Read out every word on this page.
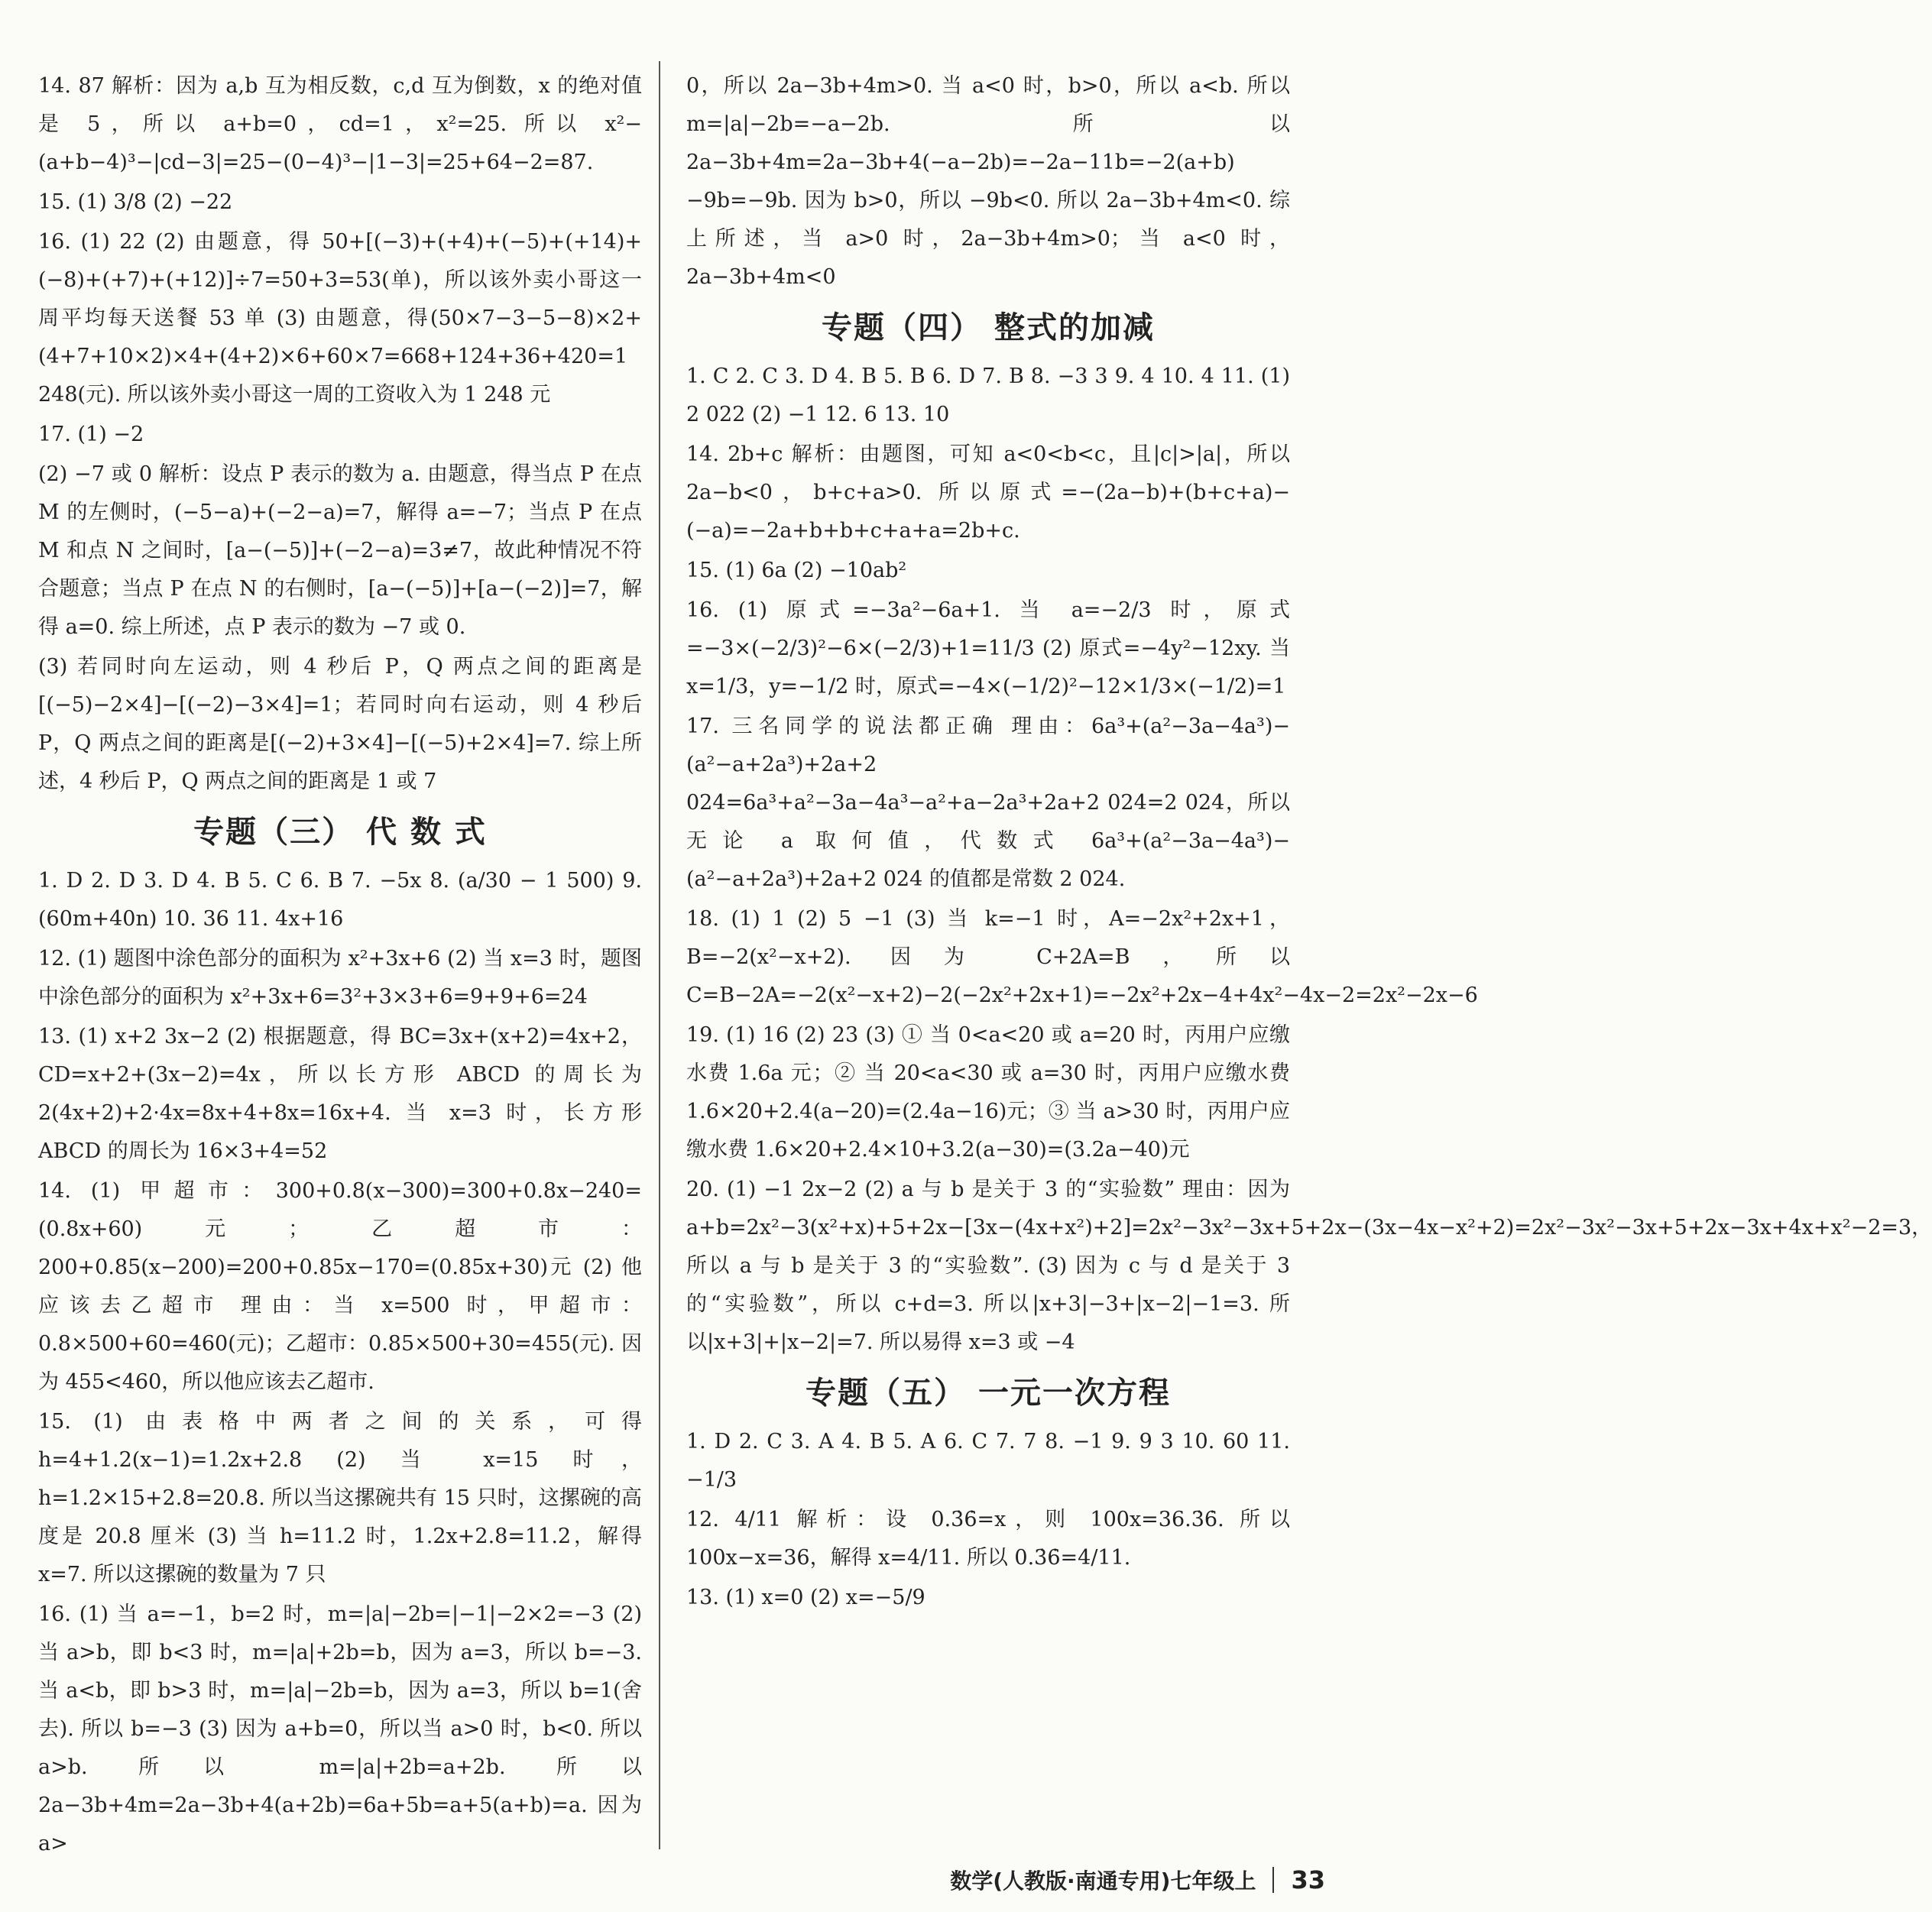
14. 87 解析：因为 a,b 互为相反数，c,d 互为倒数，x 的绝对值是 5，所以 a+b=0，cd=1，x²=25. 所以 x²−(a+b−4)³−|cd−3|=25−(0−4)³−|1−3|=25+64−2=87.
15. (1) 3/8 (2) −22
16. (1) 22 (2) 由题意，得 50+[(−3)+(+4)+(−5)+(+14)+(−8)+(+7)+(+12)]÷7=50+3=53(单)，所以该外卖小哥这一周平均每天送餐 53 单 (3) 由题意，得(50×7−3−5−8)×2+(4+7+10×2)×4+(4+2)×6+60×7=668+124+36+420=1 248(元). 所以该外卖小哥这一周的工资收入为 1 248 元
17. (1) −2
(2) −7 或 0 解析：设点 P 表示的数为 a. 由题意，得当点 P 在点 M 的左侧时，(−5−a)+(−2−a)=7，解得 a=−7；当点 P 在点 M 和点 N 之间时，[a−(−5)]+(−2−a)=3≠7，故此种情况不符合题意；当点 P 在点 N 的右侧时，[a−(−5)]+[a−(−2)]=7，解得 a=0. 综上所述，点 P 表示的数为 −7 或 0.
(3) 若同时向左运动，则 4 秒后 P，Q 两点之间的距离是 [(−5)−2×4]−[(−2)−3×4]=1；若同时向右运动，则 4 秒后 P，Q 两点之间的距离是[(−2)+3×4]−[(−5)+2×4]=7. 综上所述，4 秒后 P，Q 两点之间的距离是 1 或 7
专题（三） 代 数 式
1. D 2. D 3. D 4. B 5. C 6. B 7. −5x 8. (a/30 − 1 500) 9. (60m+40n) 10. 36 11. 4x+16
12. (1) 题图中涂色部分的面积为 x²+3x+6 (2) 当 x=3 时，题图中涂色部分的面积为 x²+3x+6=3²+3×3+6=9+9+6=24
13. (1) x+2 3x−2 (2) 根据题意，得 BC=3x+(x+2)=4x+2，CD=x+2+(3x−2)=4x，所以长方形 ABCD 的周长为 2(4x+2)+2·4x=8x+4+8x=16x+4. 当 x=3 时，长方形 ABCD 的周长为 16×3+4=52
14. (1) 甲超市：300+0.8(x−300)=300+0.8x−240=(0.8x+60)元；乙超市：200+0.85(x−200)=200+0.85x−170=(0.85x+30)元 (2) 他应该去乙超市 理由：当 x=500 时，甲超市：0.8×500+60=460(元)；乙超市：0.85×500+30=455(元). 因为 455<460，所以他应该去乙超市.
15. (1) 由表格中两者之间的关系，可得 h=4+1.2(x−1)=1.2x+2.8 (2) 当 x=15 时，h=1.2×15+2.8=20.8. 所以当这摞碗共有 15 只时，这摞碗的高度是 20.8 厘米 (3) 当 h=11.2 时，1.2x+2.8=11.2，解得 x=7. 所以这摞碗的数量为 7 只
16. (1) 当 a=−1，b=2 时，m=|a|−2b=|−1|−2×2=−3 (2) 当 a>b，即 b<3 时，m=|a|+2b=b，因为 a=3，所以 b=−3. 当 a<b，即 b>3 时，m=|a|−2b=b，因为 a=3，所以 b=1(舍去). 所以 b=−3 (3) 因为 a+b=0，所以当 a>0 时，b<0. 所以 a>b. 所以 m=|a|+2b=a+2b. 所以 2a−3b+4m=2a−3b+4(a+2b)=6a+5b=a+5(a+b)=a. 因为 a>
0，所以 2a−3b+4m>0. 当 a<0 时，b>0，所以 a<b. 所以 m=|a|−2b=−a−2b. 所以 2a−3b+4m=2a−3b+4(−a−2b)=−2a−11b=−2(a+b)−9b=−9b. 因为 b>0，所以 −9b<0. 所以 2a−3b+4m<0. 综上所述，当 a>0 时，2a−3b+4m>0；当 a<0 时，2a−3b+4m<0
专题（四） 整式的加减
1. C 2. C 3. D 4. B 5. B 6. D 7. B 8. −3 3 9. 4 10. 4 11. (1) 2 022 (2) −1 12. 6 13. 10
14. 2b+c 解析：由题图，可知 a<0<b<c，且|c|>|a|，所以 2a−b<0，b+c+a>0. 所以原式=−(2a−b)+(b+c+a)−(−a)=−2a+b+b+c+a+a=2b+c.
15. (1) 6a (2) −10ab²
16. (1) 原式=−3a²−6a+1. 当 a=−2/3 时，原式=−3×(−2/3)²−6×(−2/3)+1=11/3 (2) 原式=−4y²−12xy. 当 x=1/3，y=−1/2 时，原式=−4×(−1/2)²−12×1/3×(−1/2)=1
17. 三名同学的说法都正确 理由：6a³+(a²−3a−4a³)−(a²−a+2a³)+2a+2 024=6a³+a²−3a−4a³−a²+a−2a³+2a+2 024=2 024，所以无论 a 取何值，代数式 6a³+(a²−3a−4a³)−(a²−a+2a³)+2a+2 024 的值都是常数 2 024.
18. (1) 1 (2) 5 −1 (3) 当 k=−1 时，A=−2x²+2x+1，B=−2(x²−x+2). 因为 C+2A=B，所以 C=B−2A=−2(x²−x+2)−2(−2x²+2x+1)=−2x²+2x−4+4x²−4x−2=2x²−2x−6
19. (1) 16 (2) 23 (3) ① 当 0<a<20 或 a=20 时，丙用户应缴水费 1.6a 元；② 当 20<a<30 或 a=30 时，丙用户应缴水费 1.6×20+2.4(a−20)=(2.4a−16)元；③ 当 a>30 时，丙用户应缴水费 1.6×20+2.4×10+3.2(a−30)=(3.2a−40)元
20. (1) −1 2x−2 (2) a 与 b 是关于 3 的“实验数” 理由：因为 a+b=2x²−3(x²+x)+5+2x−[3x−(4x+x²)+2]=2x²−3x²−3x+5+2x−(3x−4x−x²+2)=2x²−3x²−3x+5+2x−3x+4x+x²−2=3，所以 a 与 b 是关于 3 的“实验数”. (3) 因为 c 与 d 是关于 3 的“实验数”，所以 c+d=3. 所以|x+3|−3+|x−2|−1=3. 所以|x+3|+|x−2|=7. 所以易得 x=3 或 −4
专题（五） 一元一次方程
1. D 2. C 3. A 4. B 5. A 6. C 7. 7 8. −1 9. 9 3 10. 60 11. −1/3
12. 4/11 解析：设 0.3̇6̇=x，则 100x=36.3̇6̇. 所以 100x−x=36，解得 x=4/11. 所以 0.3̇6̇=4/11.
13. (1) x=0 (2) x=−5/9
数学(人教版·南通专用)七年级上 33
